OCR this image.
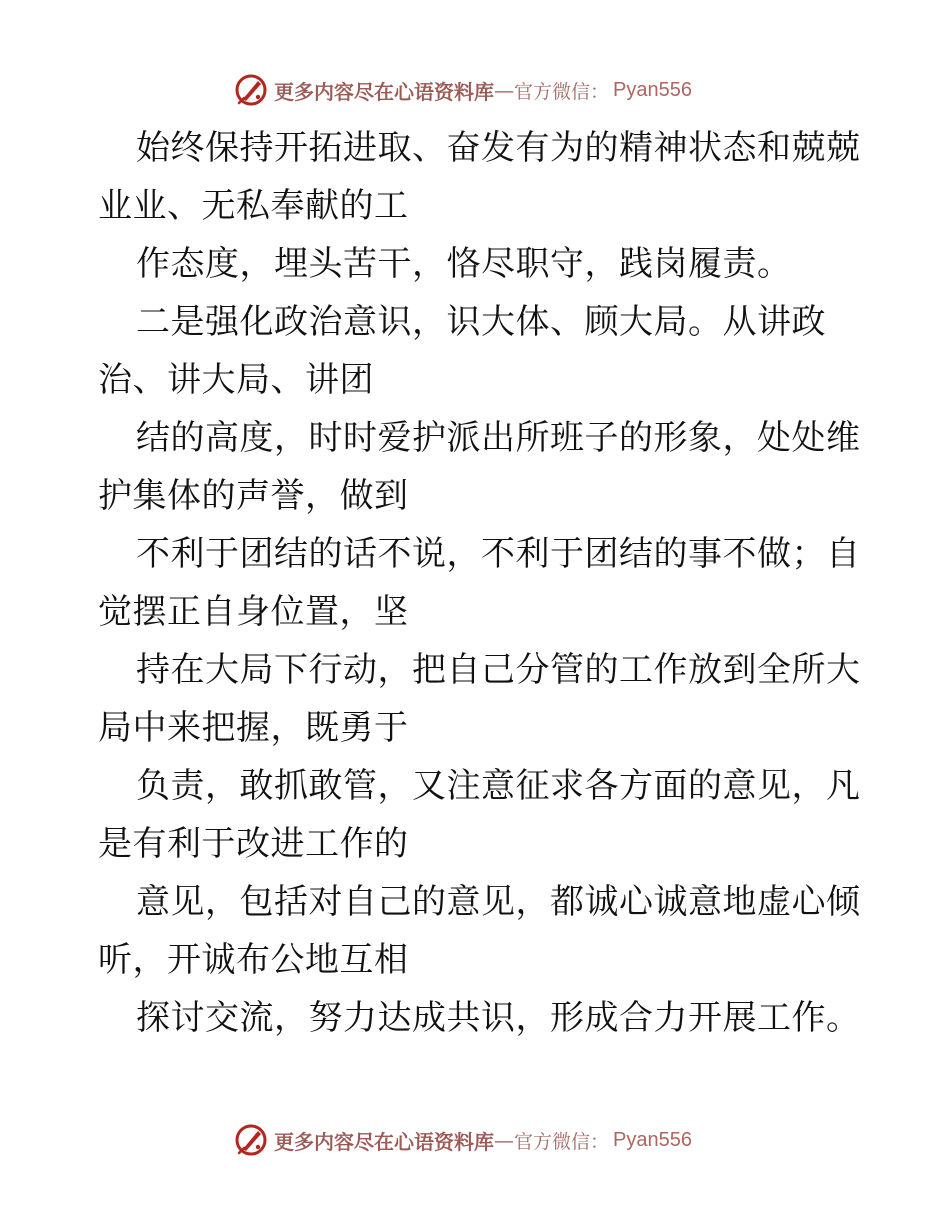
更多内容尽在心语资料库 — 官方微信： Pyan556
始终保持开拓进取、奋发有为的精神状态和兢兢
业业、无私奉献的工
作态度，埋头苦干，恪尽职守，践岗履责。
二是强化政治意识，识大体、顾大局。从讲政
治、讲大局、讲团
结的高度，时时爱护派出所班子的形象，处处维
护集体的声誉，做到
不利于团结的话不说，不利于团结的事不做；自
觉摆正自身位置，坚
持在大局下行动，把自己分管的工作放到全所大
局中来把握，既勇于
负责，敢抓敢管，又注意征求各方面的意见，凡
是有利于改进工作的
意见，包括对自己的意见，都诚心诚意地虚心倾
听，开诚布公地互相
探讨交流，努力达成共识，形成合力开展工作。
更多内容尽在心语资料库 — 官方微信： Pyan556
